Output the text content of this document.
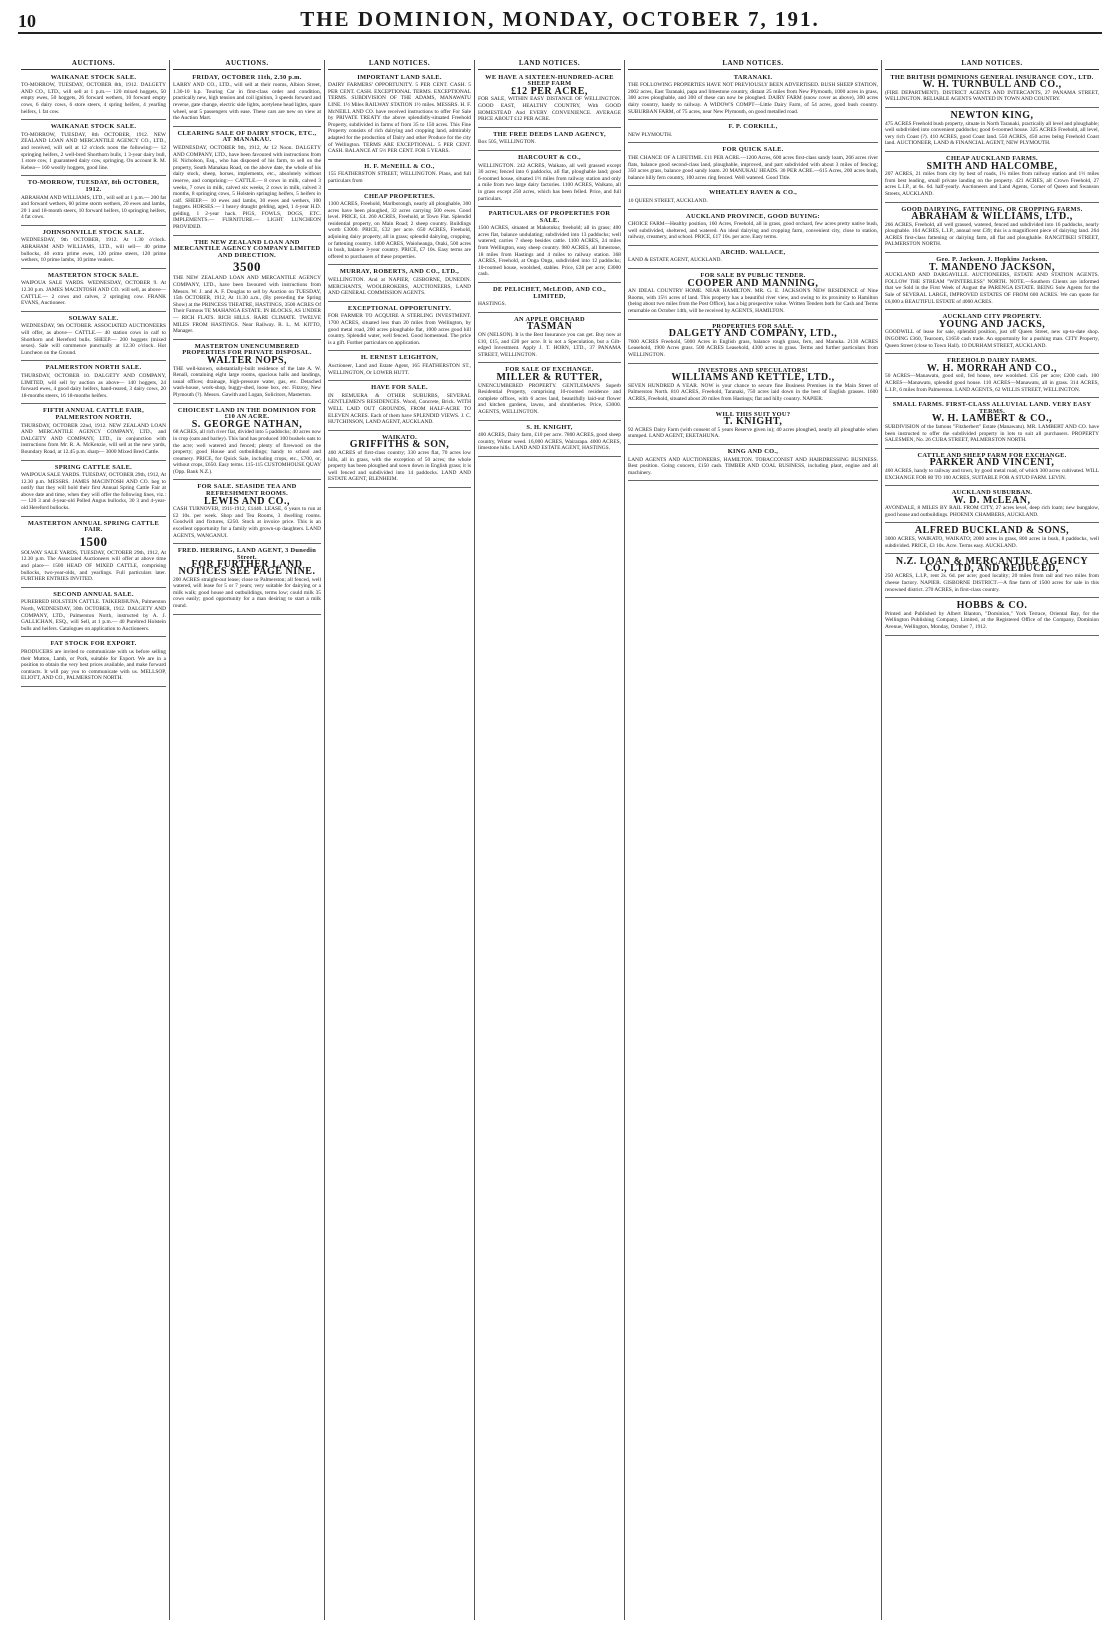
10	THE DOMINION, MONDAY, OCTOBER 7, 191.
AUCTIONS.
WAIKANAE STOCK SALE.

TO-MORROW, TUESDAY, OCTOBER 8th, 1912. DALGETY AND CO., LTD., will sell at 1 p.m.— 120 mixed hoggets, 50 empty ewes, 50 hoggets, 26 forward wethers, 10 forward empty cows, 6 dairy cows, 6 store steers, 4 spring heifers, 4 yearling heifers, 1 fat cow.

WAIKANAE STOCK SALE.

TO-MORROW, TUESDAY, 8th OCTOBER, 1912. NEW ZEALAND LOAN AND MERCANTILE AGENCY CO., LTD., and received, will sell at 12 o'clock noon the following:— 12 springing heifers, 2 well-bred Shorthorn bulls, 1 3-year dairy bull, 1 store cow, 1 guaranteed dairy cow, springing. On account R. M. Kebea— 160 woolly hoggets, good line.

TO-MORROW, TUESDAY, 8th OCTOBER, 1912.

ABRAHAM AND WILLIAMS, LTD., will sell at 1 p.m.— 200 fat and forward wethers, 60 prime storm wethers, 20 ewes and lambs, 20 1 and 18-month steers, 10 forward heifers, 10 springing heifers, 4 fat cows.

JOHNSONVILLE STOCK SALE.

WEDNESDAY, 9th OCTOBER, 1912. At 1.30 o'clock. ABRAHAM AND WILLIAMS, LTD., will sell— 40 prime bullocks, 40 extra prime ewes, 120 prime steers, 120 prime wethers, 10 prime lambs, 10 prime vealers.

MASTERTON STOCK SALE.

WAIPOUA SALE YARDS. WEDNESDAY, OCTOBER 9. At 12.30 p.m. JAMES MACINTOSH AND CO. will sell, as above— CATTLE.— 2 cows and calves, 2 springing cow. FRANK EVANS, Auctioneer.

SOLWAY SALE.

WEDNESDAY, 9th OCTOBER. ASSOCIATED AUCTIONEERS will offer, as above— CATTLE.— 40 station cows in calf to Shorthorn and Hereford bulls. SHEEP.— 200 hoggets (mixed sexes). Sale will commence punctually at 12.30 o'clock. Hot Luncheon on the Ground.

PALMERSTON NORTH SALE.

THURSDAY, OCTOBER 10. DALGETY AND COMPANY, LIMITED, will sell by auction as above— 140 hoggets, 24 forward ewes, 4 good dairy heifers, hand-reared, 3 dairy cows, 20 18-months steers, 16 18-months heifers.

FIFTH ANNUAL CATTLE FAIR, PALMERSTON NORTH.

THURSDAY, OCTOBER 22nd, 1912. NEW ZEALAND LOAN AND MERCANTILE AGENCY COMPANY, LTD., and DALGETY AND COMPANY, LTD., in conjunction with instructions from Mr. R. A. McKenzie, will sell at the new yards, Boundary Road, at 12.45 p.m. sharp— 3000 Mixed Bred Cattle.

SPRING CATTLE SALE.

WAIPOUA SALE YARDS. TUESDAY, OCTOBER 29th, 1912, At 12.30 p.m. MESSRS. JAMES MACINTOSH AND CO. beg to notify that they will hold their first Annual Spring Cattle Fair at above date and time, when they will offer the following lines, viz.:— 120 3 and 4-year-old Polled Angus bullocks, 30 3 and 4-year-old Hereford bullocks.

MASTERTON ANNUAL SPRING CATTLE FAIR.
1500

SOLWAY SALE YARDS, TUESDAY, OCTOBER 29th, 1912, At 12.30 p.m. The Associated Auctioneers will offer at above time and place— 1500 HEAD OF MIXED CATTLE, comprising bullocks, two-year-olds, and yearlings. Full particulars later. FURTHER ENTRIES INVITED.

SECOND ANNUAL SALE.

PUREBRED HOLSTEIN CATTLE. TAIKERIHUNA, Palmerston North, WEDNESDAY, 30th OCTOBER, 1912. DALGETY AND COMPANY, LTD., Palmerston North, instructed by A. J. GALLICHAN, ESQ., will Sell, at 1 p.m.— 40 Purebred Holstein bulls and heifers. Catalogues on application to Auctioneers.

FAT STOCK FOR EXPORT.

PRODUCERS are invited to communicate with us before selling their Mutton, Lamb, or Pork, suitable for Export. We are in a position to obtain the very best prices available, and make forward contracts. It will pay you to communicate with us. MELLSOP, ELIOTT, AND CO., PALMERSTON NORTH.

AUCTIONS.
FRIDAY, OCTOBER 11th, 2.30 p.m.

LARRY AND CO., LTD., will sell at their rooms, Albion Street, 1.30-10 h.p. Touring Car in first-class order and condition, practically new, high tension and coil ignition, 3 speeds forward and reverse, gate change, electric side lights, acetylene head lights, spare wheel, seat 5 passengers with ease. These cars are new on view at the Auction Mart.

CLEARING SALE OF DAIRY STOCK, ETC., AT MANAKAU.

WEDNESDAY, OCTOBER 9th, 1912, At 12 Noon. DALGETY AND COMPANY, LTD., have been favoured with instructions from H. Nicholson, Esq., who has disposed of his farm, to sell on the property, South Manakau Road, on the above date, the whole of his dairy stock, sheep, horses, implements, etc., absolutely without reserve, and comprising:— CATTLE.— 8 cows in milk, calved 3 weeks, 7 cows in milk, calved six weeks, 2 cows in milk, calved 3 months, 8 springing cows, 5 Holstein springing heifers, 5 heifers in calf. SHEEP.— 10 ewes and lambs, 30 ewes and wethers, 100 hoggets. HORSES.— 1 heavy draught gelding, aged, 1 4-year H.D. gelding, 1 2-year hack. PIGS, FOWLS, DOGS, ETC. IMPLEMENTS.— FURNITURE.— LIGHT LUNCHEON PROVIDED.

THE NEW ZEALAND LOAN AND MERCANTILE AGENCY COMPANY LIMITED AND DIRECTION.
3500

THE NEW ZEALAND LOAN AND MERCANTILE AGENCY COMPANY, LTD., have been favoured with instructions from Messrs. W. J. and A. F. Douglas to sell by Auction on TUESDAY, 15th OCTOBER, 1912, At 11.30 a.m., (By preceding the Spring Show) at the PRINCESS THEATRE, HASTINGS, 3500 ACRES Of Their Famous TE MAHANGA ESTATE. IN BLOCKS, AS UNDER— RICH FLATS. RICH HILLS. RARE CLIMATE. TWELVE MILES FROM HASTINGS. Near Railway. R. L. M. KITTO, Manager.

MASTERTON UNENCUMBERED PROPERTIES FOR PRIVATE DISPOSAL.
WALTER NOPS,

THE well-known, substantially-built residence of the late A. W. Renall, containing eight large rooms, spacious halls and landings, usual offices; drainage, high-pressure water, gas, etc. Detached wash-house, work-shop, buggy-shed, loose box, etc. Fitzroy, New Plymouth (?). Messrs. Gawith and Logan, Solicitors, Masterton.

CHOICEST LAND IN THE DOMINION FOR £10 AN ACRE.
S. GEORGE NATHAN,

68 ACRES, all rich river flat, divided into 5 paddocks; 40 acres now in crop (oats and barley). This land has produced 100 bushels oats to the acre; well watered and fenced; plenty of firewood on the property; good House and outbuildings; handy to school and creamery. PRICE, for Quick Sale, including crops, etc., £700, or, without crops, £650. Easy terms. 115-115 CUSTOMHOUSE QUAY (Opp. Bank N.Z.).

FOR SALE. SEASIDE TEA AND REFRESHMENT ROOMS.
LEWIS AND CO.,

CASH TURNOVER, 1911-1912, £1440. LEASE, 6 years to run at £2 10s. per week. Shop and Tea Rooms, 3 dwelling rooms. Goodwill and fixtures, £250. Stock at invoice price. This is an excellent opportunity for a family with grown-up daughters. LAND AGENTS, WANGANUI.

FRED. HERRING, LAND AGENT, 3 Dunedin Street.
FOR FURTHER LAND NOTICES SEE PAGE NINE.

200 ACRES straight-out lease; close to Palmerston; all fenced, well watered, will lease for 5 or 7 years; very suitable for dairying or a milk walk; good house and outbuildings, terms low; could milk 35 cows easily; good opportunity for a man desiring to start a milk round.

LAND NOTICES.
IMPORTANT LAND SALE.

DAIRY FARMERS' OPPORTUNITY. 5 PER CENT. CASH. 5 PER CENT. CASH. EXCEPTIONAL TERMS. EXCEPTIONAL TERMS. SUBDIVISION OF THE ADAMS, MANAWATU LINE. 1½ Miles RAILWAY STATION 1½ miles. MESSRS. H. F. McNEILL AND CO. have received instructions to offer For Sale by PRIVATE TREATY the above splendidly-situated Freehold Property, subdivided in farms of from 35 to 150 acres. This Fine Property consists of rich dairying and cropping land, admirably adapted for the production of Dairy and other Produce for the city of Wellington. TERMS ARE EXCEPTIONAL. 5 PER CENT. CASH. BALANCE AT 5½ PER CENT. FOR 5 YEARS.

H. F. McNEILL & CO.,

155 FEATHERSTON STREET, WELLINGTON. Plans, and full particulars from

CHEAP PROPERTIES.

1300 ACRES, Freehold, Marlborough, nearly all ploughable, 300 acres have been ploughed, 32 acres carrying 500 ewes. Good level. PRICE, £4. 260 ACRES, Freehold, at Town Flat. Splendid residential property, on Main Road; 2 sheep country. Buildings worth £3000. PRICE, £32 per acre. 650 ACRES, Freehold, adjoining dairy property, all in grass; splendid dairying, cropping, or fattening country. 1400 ACRES, Waioheanga, Otaki, 500 acres in bush, balance 3-year country. PRICE, £7 10s. Easy terms are offered to purchasers of these properties.

MURRAY, ROBERTS, AND CO., LTD.,

WELLINGTON. And at NAPIER, GISBORNE, DUNEDIN. MERCHANTS, WOOLBROKERS, AUCTIONEERS, LAND AND GENERAL COMMISSION AGENTS.

EXCEPTIONAL OPPORTUNITY.

FOR FARMER TO ACQUIRE A STERLING INVESTMENT. 1700 ACRES, situated less than 20 miles from Wellington, by good metal road, 200 acres ploughable flat, 1000 acres good hill country. Splendid water, well fenced. Good homestead. The price is a gift. Further particulars on application.

H. ERNEST LEIGHTON,

Auctioneer, Land and Estate Agent, 165 FEATHERSTON ST., WELLINGTON, Or LOWER HUTT.

HAVE FOR SALE.

IN REMUERA & OTHER SUBURBS, SEVERAL GENTLEMEN'S RESIDENCES. Wood, Concrete, Brick. WITH WELL LAID OUT GROUNDS, FROM HALF-ACRE TO ELEVEN ACRES. Each of them have SPLENDID VIEWS. J. C. HUTCHINSON, LAND AGENT, AUCKLAND.

WAIKATO.
GRIFFITHS & SON,

400 ACRES of first-class country; 330 acres flat, 70 acres low hills, all in grass, with the exception of 50 acres; the whole property has been ploughed and sown down in English grass; it is well fenced and subdivided into 14 paddocks. LAND AND ESTATE AGENT, BLENHEIM.

LAND NOTICES.
WE HAVE A SIXTEEN-HUNDRED-ACRE SHEEP FARM
£12 PER ACRE,

FOR SALE, WITHIN EASY DISTANCE OF WELLINGTON. GOOD EAST, HEALTHY COUNTRY, With GOOD HOMESTEAD And EVERY CONVENIENCE. AVERAGE PRICE ABOUT £12 PER ACRE.

THE FREE DEEDS LAND AGENCY,

Box 505, WELLINGTON.

HARCOURT & CO.,

WELLINGTON. 242 ACRES, Waikato, all well grassed except 30 acres; fenced into 6 paddocks, all flat, ploughable land; good 6-roomed house, situated 1½ miles from railway station and only a mile from two large dairy factories. 1100 ACRES, Waikato, all in grass except 250 acres, which has been felled. Price, and full particulars.

PARTICULARS OF PROPERTIES FOR SALE.

1500 ACRES, situated at Makotuku; freehold; all in grass; 400 acres flat, balance undulating; subdivided into 13 paddocks; well watered; carries 7 sheep besides cattle. 1100 ACRES, 24 miles from Wellington, easy sheep country. 980 ACRES, all limestone, 18 miles from Hastings and 4 miles to railway station. 368 ACRES, Freehold, at Onga Onga, subdivided into 12 paddocks; 10-roomed house, woolshed, stables. Price, £28 per acre; £3000 cash.

DE PELICHET, McLEOD, AND CO., LIMITED,

HASTINGS.

AN APPLE ORCHARD
TASMAN

ON (NELSON). It is the Best Insurance you can get. Buy now at £10, £15, and £20 per acre. It is not a Speculation, but a Gilt-edged Investment. Apply J. T. HORN, LTD., 37 PANAMA STREET, WELLINGTON.

FOR SALE OF EXCHANGE.
MILLER & RUTTER,

UNENCUMBERED PROPERTY. GENTLEMAN'S Superb Residential Property, comprising 10-roomed residence and complete offices, with 6 acres land, beautifully laid-out flower and kitchen gardens, lawns, and shrubberies. Price, £3000. AGENTS, WELLINGTON.

S. H. KNIGHT,

400 ACRES, Dairy farm, £10 per acre. 7800 ACRES, good sheep country, Winter weed. 16,000 ACRES, Wairarapa. 4000 ACRES, limestone hills. LAND AND ESTATE AGENT, HASTINGS.

LAND NOTICES.
TARANAKI.

THE FOLLOWING PROPERTIES HAVE NOT PREVIOUSLY BEEN ADVERTISED. BUSH SHEEP STATION, 2002 acres, East Taranaki, papa and limestone country, distant 25 miles from New Plymouth, 1000 acres in grass, 300 acres ploughable, and 300 of these can now be ploughed. DAIRY FARM (snow cover as above), 300 acres dairy country, handy to railway. A WIDOW'S COMPT—Little Dairy Farm, of 54 acres, good bush country. SUBURBAN FARM, of 75 acres, near New Plymouth, on good metalled road.

F. P. CORKILL,

NEW PLYMOUTH.

FOR QUICK SALE.

THE CHANCE OF A LIFETIME. £11 PER ACRE.—1200 Acres, 600 acres first-class sandy loam, 266 acres river flats, balance good second-class land, ploughable, improved, and part subdivided with about 3 miles of fencing; 350 acres grass, balance good sandy loam. 20 MANUKAU HEADS. 30 PER ACRE.—615 Acres, 200 acres bush, balance hilly fern country, 100 acres ring fenced. Well watered. Good Title.

WHEATLEY RAVEN & CO.,

10 QUEEN STREET, AUCKLAND.

AUCKLAND PROVINCE, GOOD BUYING:

CHOICE FARM—Healthy position, 160 Acres, Freehold, all in grass, good orchard, few acres pretty native bush, well subdivided, sheltered, and watered. An ideal dairying and cropping farm, convenient city, close to station, railway, creamery, and school. PRICE, £17 10s. per acre. Easy terms.

ARCHD. WALLACE,

LAND & ESTATE AGENT, AUCKLAND.

FOR SALE BY PUBLIC TENDER.
COOPER AND MANNING,

AN IDEAL COUNTRY HOME. NEAR HAMILTON. MR. G. E. JACKSON'S NEW RESIDENCE of Nine Rooms, with 15½ acres of land. This property has a beautiful river view, and owing to its proximity to Hamilton (being about two miles from the Post Office), has a big prospective value. Written Tenders both for Cash and Terms returnable on October 14th, will be received by AGENTS, HAMILTON.

PROPERTIES FOR SALE.
DALGETY AND COMPANY, LTD.,

7600 ACRES Freehold, 5000 Acres in English grass, balance rough grass, fern, and Manuka. 2130 ACRES Leasehold, 1900 Acres grass. 500 ACRES Leasehold, 4300 acres in grass. Terms and further particulars from WELLINGTON.

INVESTORS AND SPECULATORS!
WILLIAMS AND KETTLE, LTD.,

SEVEN HUNDRED A YEAR. NOW is your chance to secure fine Business Premises in the Main Street of Palmerston North. 810 ACRES, Freehold, Taranaki, 750 acres laid down in the best of English grasses. 1600 ACRES, Freehold, situated about 20 miles from Hastings; flat and hilly country. NAPIER.

WILL THIS SUIT YOU?
T. KNIGHT,

92 ACRES Dairy Farm (with consent of 5 years Reserve given in); 40 acres ploughed, nearly all ploughable when stumped. LAND AGENT, EKETAHUNA.

KING AND CO.,

LAND AGENTS AND AUCTIONEERS, HAMILTON. TOBACCONIST AND HAIRDRESSING BUSINESS. Best position. Going concern, £150 cash. TIMBER AND COAL BUSINESS, including plant, engine and all machinery.

LAND NOTICES.
THE BRITISH DOMINIONS GENERAL INSURANCE COY., LTD.
W. H. TURNBULL AND CO.,

(FIRE DEPARTMENT). DISTRICT AGENTS AND INTERCANTS, 27 PANAMA STREET, WELLINGTON. RELIABLE AGENTS WANTED IN TOWN AND COUNTRY.

NEWTON KING,

475 ACRES Freehold bush property, situate in North Taranaki, practically all level and ploughable; well subdivided into convenient paddocks; good 6-roomed house. 325 ACRES Freehold, all level, very rich Coast (?). 410 ACRES, good Coast land. 550 ACRES, 450 acres being Freehold Coast land. AUCTIONEER, LAND & FINANCIAL AGENT, NEW PLYMOUTH.

CHEAP AUCKLAND FARMS.
SMITH AND HALCOMBE,

207 ACRES, 21 miles from city by best of roads, 1¼ miles from railway station and 1½ miles from best leading, small private landing on the property. 421 ACRES, all Crown Freehold, 27 acres L.I.P., at 6s. 6d. half-yearly. Auctioneers and Land Agents, Corner of Queen and Swanson Streets, AUCKLAND.

GOOD DAIRYING, FATTENING, OR CROPPING FARMS.
ABRAHAM & WILLIAMS, LTD.,

266 ACRES, Freehold, all well grassed, watered, fenced and subdivided into 16 paddocks, nearly ploughable. 104 ACRES, L.I.P., annual rent £39; this is a magnificent piece of dairying land. 264 ACRES first-class fattening or dairying farm, all flat and ploughable. RANGITIKEI STREET, PALMERSTON NORTH.

Geo. P. Jackson. J. Hopkins Jackson.
T. MANDENO JACKSON,

AUCKLAND AND DARGAVILLE. AUCTIONEERS, ESTATE AND STATION AGENTS. FOLLOW THE STREAM "WINTERLESS" NORTH. NOTE.—Southern Clients are informed that we Sold in the First Week of August the PARENGA ESTATE. BEING Sole Agents for the Sale of SEVERAL LARGE, IMPROVED ESTATES OF FROM 600 ACRES. We can quote for £6,000 a BEAUTIFUL ESTATE of 4000 ACRES.

AUCKLAND CITY PROPERTY.
YOUNG AND JACKS,

GOODWILL of lease for sale, splendid position, just off Queen Street, new up-to-date shop. INGOING £360, Tearoom, £1650 cash trade. An opportunity for a pushing man. CITY Property, Queen Street (close to Town Hall). 10 DURHAM STREET, AUCKLAND.

FREEHOLD DAIRY FARMS.
W. H. MORRAH AND CO.,

50 ACRES—Manawatu, good soil, fed house, new woolshed. £35 per acre; £200 cash. 100 ACRES—Manawatu, splendid good house. 110 ACRES—Manawatu, all in grass. 314 ACRES, L.I.P., 6 miles from Palmerston. LAND AGENTS, 62 WILLIS STREET, WELLINGTON.

SMALL FARMS. FIRST-CLASS ALLUVIAL LAND. VERY EASY TERMS.
W. H. LAMBERT & CO.,

SUBDIVISION of the famous "Fitzherbert" Estate (Manawatu). MR. LAMBERT AND CO. have been instructed to offer the subdivided property in lots to suit all purchasers. PROPERTY SALESMEN, No. 26 CUBA STREET, PALMERSTON NORTH.

CATTLE AND SHEEP FARM FOR EXCHANGE.
PARKER AND VINCENT,

400 ACRES, handy to railway and town, by good metal road, of which 300 acres cultivated. WILL EXCHANGE FOR 80 TO 100 ACRES, SUITABLE FOR A STUD FARM. LEVIN.

AUCKLAND SUBURBAN.
W. D. McLEAN,

AVONDALE, 8 MILES BY RAIL FROM CITY, 27 acres level, deep rich loam; new bungalow, good house and outbuildings. PHOENIX CHAMBERS, AUCKLAND.

ALFRED BUCKLAND & SONS,

3000 ACRES, WAIKATO, WAIKATO; 2000 acres in grass, 800 acres in bush, 8 paddocks, well subdivided. PRICE, £3 10s. Acre. Terms easy. AUCKLAND.

N.Z. LOAN & MERCANTILE AGENCY CO., LTD, AND REDUCED,

250 ACRES, L.I.P., rent 2s. 6d. per acre; good locality; 20 miles from rail and two miles from cheese factory. NAPIER. GISBORNE DISTRICT.—A fine farm of 1500 acres for sale in this renowned district. 270 ACRES, in first-class country.

HOBBS & CO.

Printed and Published by Albert Blanton, "Dominion," York Terrace, Oriental Bay, for the Wellington Publishing Company, Limited, at the Registered Office of the Company, Dominion Avenue, Wellington, Monday, October 7, 1912.
